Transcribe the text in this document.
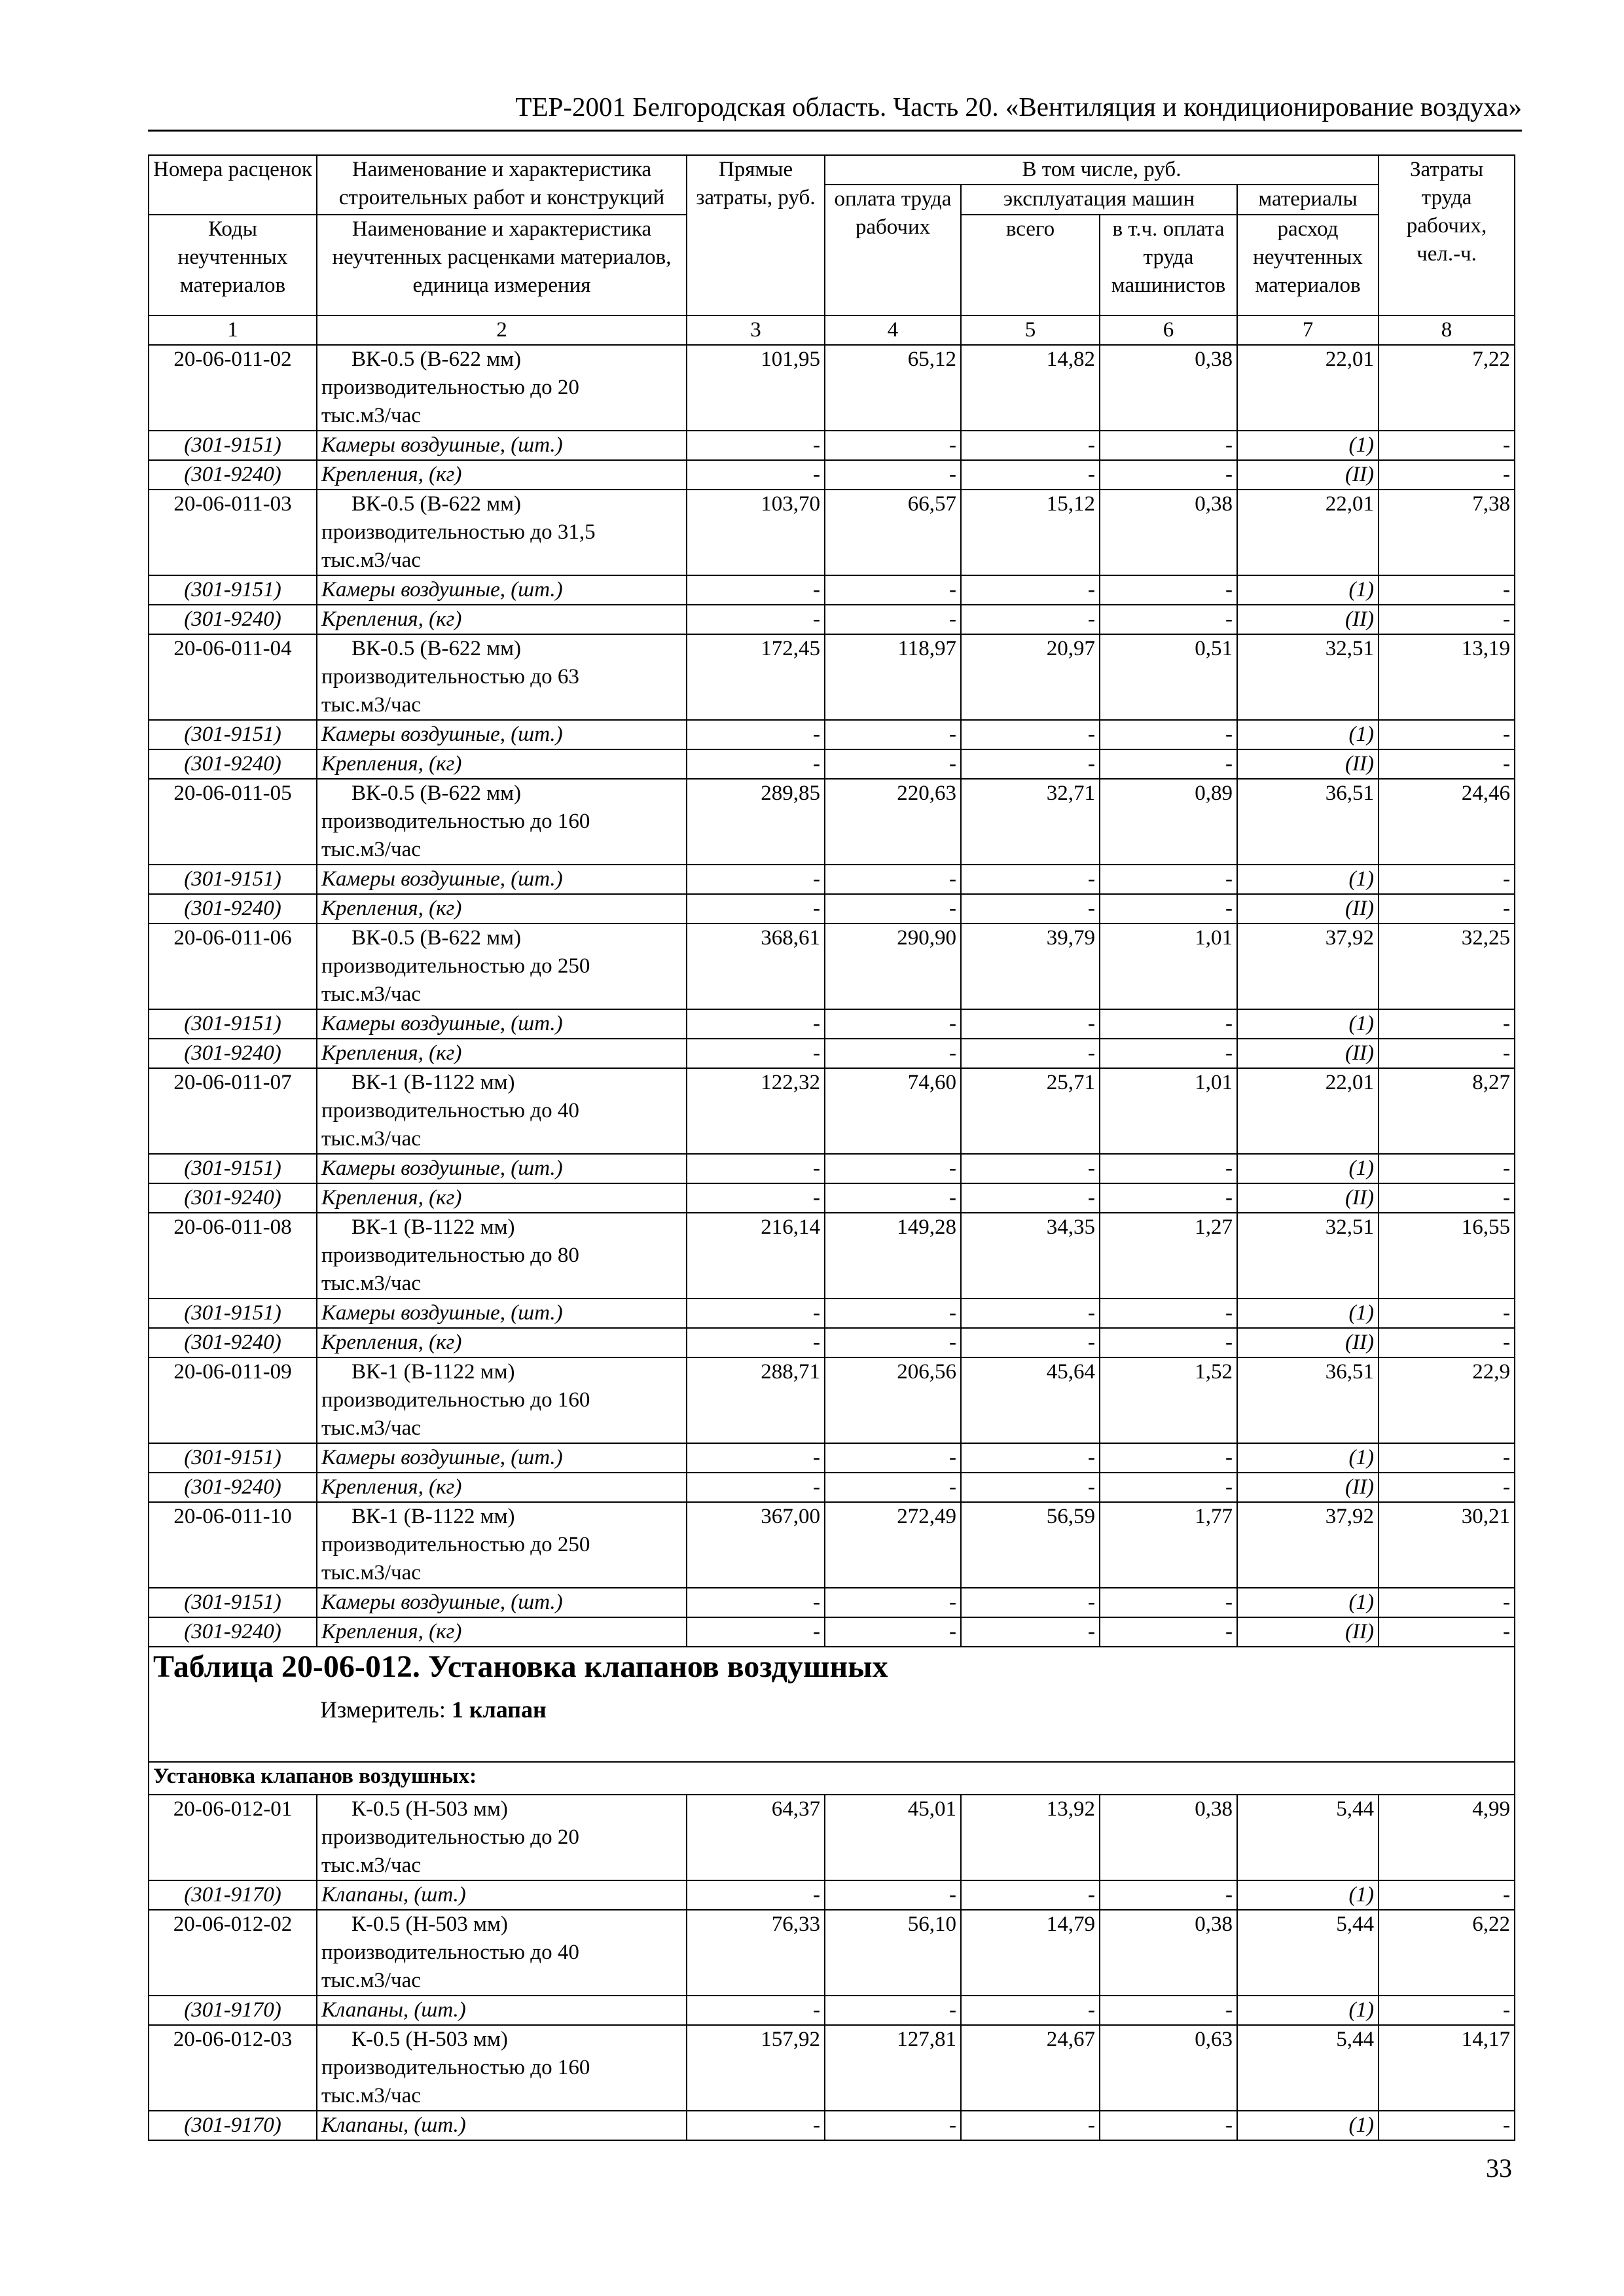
ТЕР-2001 Белгородская область. Часть 20. «Вентиляция и кондиционирование воздуха»
Номера расценок	Наименование и характеристика строительных работ и конструкций	Прямые затраты, руб.	В том числе, руб.				Затраты труда рабочих, чел.-ч.
			оплата труда рабочих	эксплуатация машин		материалы	
Коды неучтенных материалов	Наименование и характеристика неучтенных расценками материалов, единица измерения			всего	в т.ч. оплата труда машинистов	расход неучтенных материалов	

1	2	3	4	5	6	7	8
20-06-011-02	ВК-0.5 (В-622 мм)
производительностью до 20
тыс.м3/час	101,95	65,12	14,82	0,38	22,01	7,22
(301-9151)	Камеры воздушные, (шт.)	-	-	-	-	(1)	-
(301-9240)	Крепления, (кг)	-	-	-	-	(II)	-
20-06-011-03	ВК-0.5 (В-622 мм)
производительностью до 31,5
тыс.м3/час	103,70	66,57	15,12	0,38	22,01	7,38
(301-9151)	Камеры воздушные, (шт.)	-	-	-	-	(1)	-
(301-9240)	Крепления, (кг)	-	-	-	-	(II)	-
20-06-011-04	ВК-0.5 (В-622 мм)
производительностью до 63
тыс.м3/час	172,45	118,97	20,97	0,51	32,51	13,19
(301-9151)	Камеры воздушные, (шт.)	-	-	-	-	(1)	-
(301-9240)	Крепления, (кг)	-	-	-	-	(II)	-
20-06-011-05	ВК-0.5 (В-622 мм)
производительностью до 160
тыс.м3/час	289,85	220,63	32,71	0,89	36,51	24,46
(301-9151)	Камеры воздушные, (шт.)	-	-	-	-	(1)	-
(301-9240)	Крепления, (кг)	-	-	-	-	(II)	-
20-06-011-06	ВК-0.5 (В-622 мм)
производительностью до 250
тыс.м3/час	368,61	290,90	39,79	1,01	37,92	32,25
(301-9151)	Камеры воздушные, (шт.)	-	-	-	-	(1)	-
(301-9240)	Крепления, (кг)	-	-	-	-	(II)	-
20-06-011-07	ВК-1 (В-1122 мм)
производительностью до 40
тыс.м3/час	122,32	74,60	25,71	1,01	22,01	8,27
(301-9151)	Камеры воздушные, (шт.)	-	-	-	-	(1)	-
(301-9240)	Крепления, (кг)	-	-	-	-	(II)	-
20-06-011-08	ВК-1 (В-1122 мм)
производительностью до 80
тыс.м3/час	216,14	149,28	34,35	1,27	32,51	16,55
(301-9151)	Камеры воздушные, (шт.)	-	-	-	-	(1)	-
(301-9240)	Крепления, (кг)	-	-	-	-	(II)	-
20-06-011-09	ВК-1 (В-1122 мм)
производительностью до 160
тыс.м3/час	288,71	206,56	45,64	1,52	36,51	22,9
(301-9151)	Камеры воздушные, (шт.)	-	-	-	-	(1)	-
(301-9240)	Крепления, (кг)	-	-	-	-	(II)	-
20-06-011-10	ВК-1 (В-1122 мм)
производительностью до 250
тыс.м3/час	367,00	272,49	56,59	1,77	37,92	30,21
(301-9151)	Камеры воздушные, (шт.)	-	-	-	-	(1)	-
(301-9240)	Крепления, (кг)	-	-	-	-	(II)	-

Таблица 20-06-012. Установка клапанов воздушных
Измеритель: 1 клапан							

Установка клапанов воздушных:							
20-06-012-01	К-0.5 (Н-503 мм)
производительностью до 20
тыс.м3/час	64,37	45,01	13,92	0,38	5,44	4,99
(301-9170)	Клапаны, (шт.)	-	-	-	-	(1)	-
20-06-012-02	К-0.5 (Н-503 мм)
производительностью до 40
тыс.м3/час	76,33	56,10	14,79	0,38	5,44	6,22
(301-9170)	Клапаны, (шт.)	-	-	-	-	(1)	-
20-06-012-03	К-0.5 (Н-503 мм)
производительностью до 160
тыс.м3/час	157,92	127,81	24,67	0,63	5,44	14,17
(301-9170)	Клапаны, (шт.)	-	-	-	-	(1)	-
33
